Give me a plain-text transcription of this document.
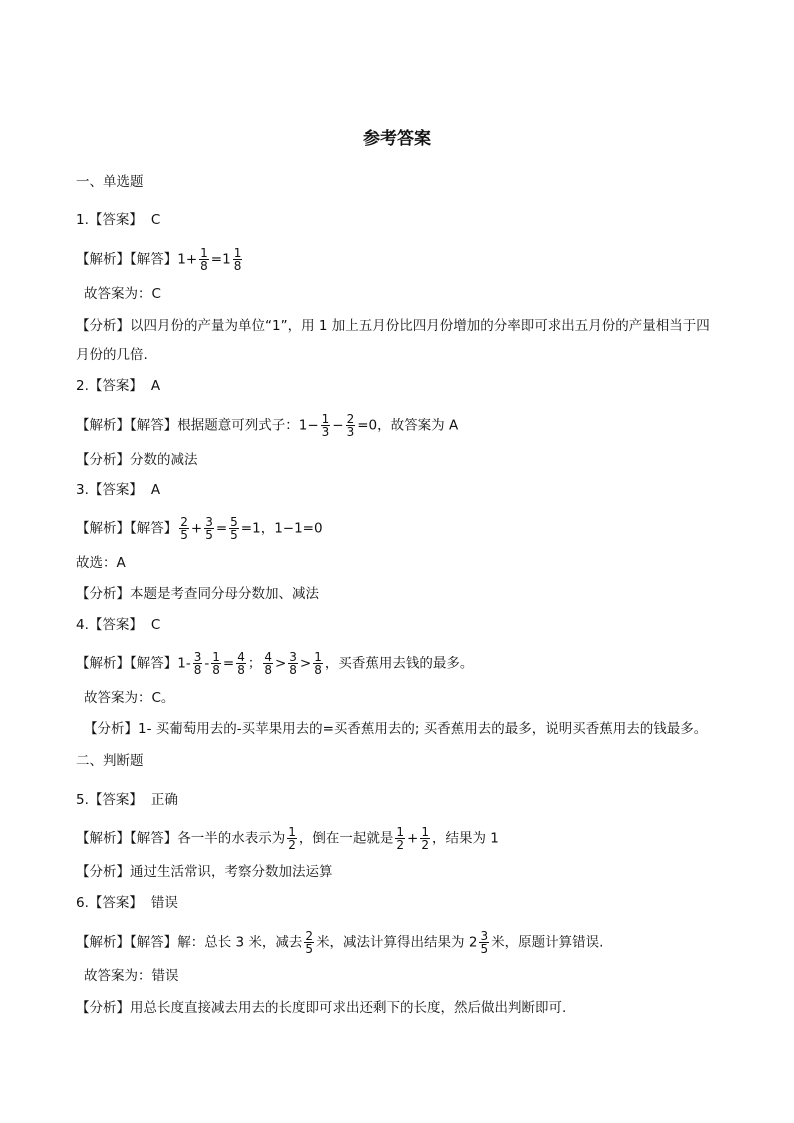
参考答案
一、单选题
1.【答案】 C
【解析】【解答】$1+ \frac{1}{8} =1 \frac{1}{8}$
故答案为：C
【分析】以四月份的产量为单位“1”，用 1 加上五月份比四月份增加的分率即可求出五月份的产量相当于四
月份的几倍.
2.【答案】 A
【解析】【解答】根据题意可列式子：$1- \frac{1}{3} - \frac{2}{3} =0$，故答案为 A
【分析】分数的减法
3.【答案】 A
【解析】【解答】 $\frac{2}{5} + \frac{3}{5} = \frac{5}{5} =1$，1−1=0
故选：A
【分析】本题是考查同分母分数加、减法
4.【答案】 C
【解析】【解答】$1- \frac{3}{8} - \frac{1}{8} = \frac{4}{8}$ ； $\frac{4}{8} > \frac{3}{8} > \frac{1}{8}$ ，买香蕉用去钱的最多。
故答案为：C。
【分析】1- 买葡萄用去的-买苹果用去的=买香蕉用去的; 买香蕉用去的最多，说明买香蕉用去的钱最多。
二、判断题
5.【答案】 正确
【解析】【解答】各一半的水表示为 $\frac{1}{2}$ ，倒在一起就是 $\frac{1}{2} + \frac{1}{2}$ ，结果为 1
【分析】通过生活常识，考察分数加法运算
6.【答案】 错误
【解析】【解答】解：总长 3 米，减去 $\frac{2}{5}$ 米，减法计算得出结果为 $2 \frac{3}{5}$ 米，原题计算错误.
故答案为：错误
【分析】用总长度直接减去用去的长度即可求出还剩下的长度，然后做出判断即可.
